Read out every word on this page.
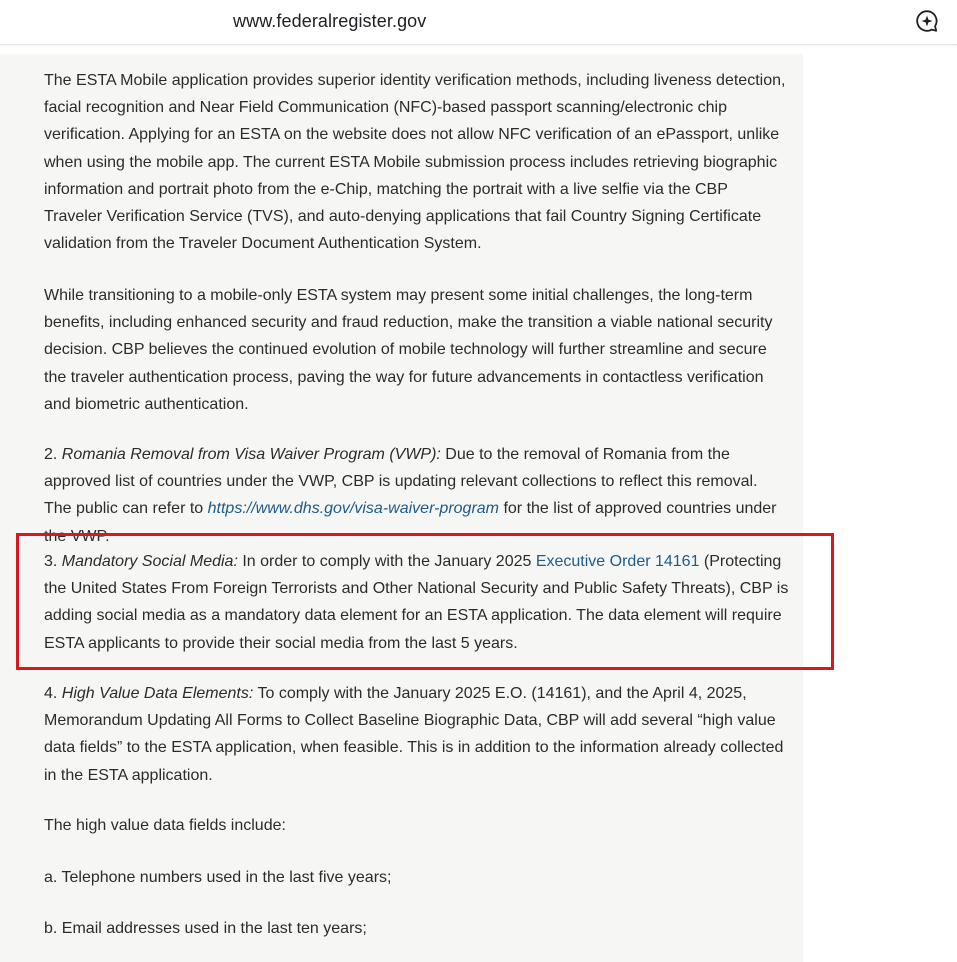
www.federalregister.gov

The ESTA Mobile application provides superior identity verification methods, including liveness detection, facial recognition and Near Field Communication (NFC)-based passport scanning/electronic chip verification. Applying for an ESTA on the website does not allow NFC verification of an ePassport, unlike when using the mobile app. The current ESTA Mobile submission process includes retrieving biographic information and portrait photo from the e-Chip, matching the portrait with a live selfie via the CBP Traveler Verification Service (TVS), and auto-denying applications that fail Country Signing Certificate validation from the Traveler Document Authentication System.

While transitioning to a mobile-only ESTA system may present some initial challenges, the long-term benefits, including enhanced security and fraud reduction, make the transition a viable national security decision. CBP believes the continued evolution of mobile technology will further streamline and secure the traveler authentication process, paving the way for future advancements in contactless verification and biometric authentication.

2. Romania Removal from Visa Waiver Program (VWP): Due to the removal of Romania from the approved list of countries under the VWP, CBP is updating relevant collections to reflect this removal. The public can refer to https://www.dhs.gov/visa-waiver-program for the list of approved countries under the VWP.

3. Mandatory Social Media: In order to comply with the January 2025 Executive Order 14161 (Protecting the United States From Foreign Terrorists and Other National Security and Public Safety Threats), CBP is adding social media as a mandatory data element for an ESTA application. The data element will require ESTA applicants to provide their social media from the last 5 years.

4. High Value Data Elements: To comply with the January 2025 E.O. (14161), and the April 4, 2025, Memorandum Updating All Forms to Collect Baseline Biographic Data, CBP will add several “high value data fields” to the ESTA application, when feasible. This is in addition to the information already collected in the ESTA application.

The high value data fields include:

a. Telephone numbers used in the last five years;

b. Email addresses used in the last ten years;
